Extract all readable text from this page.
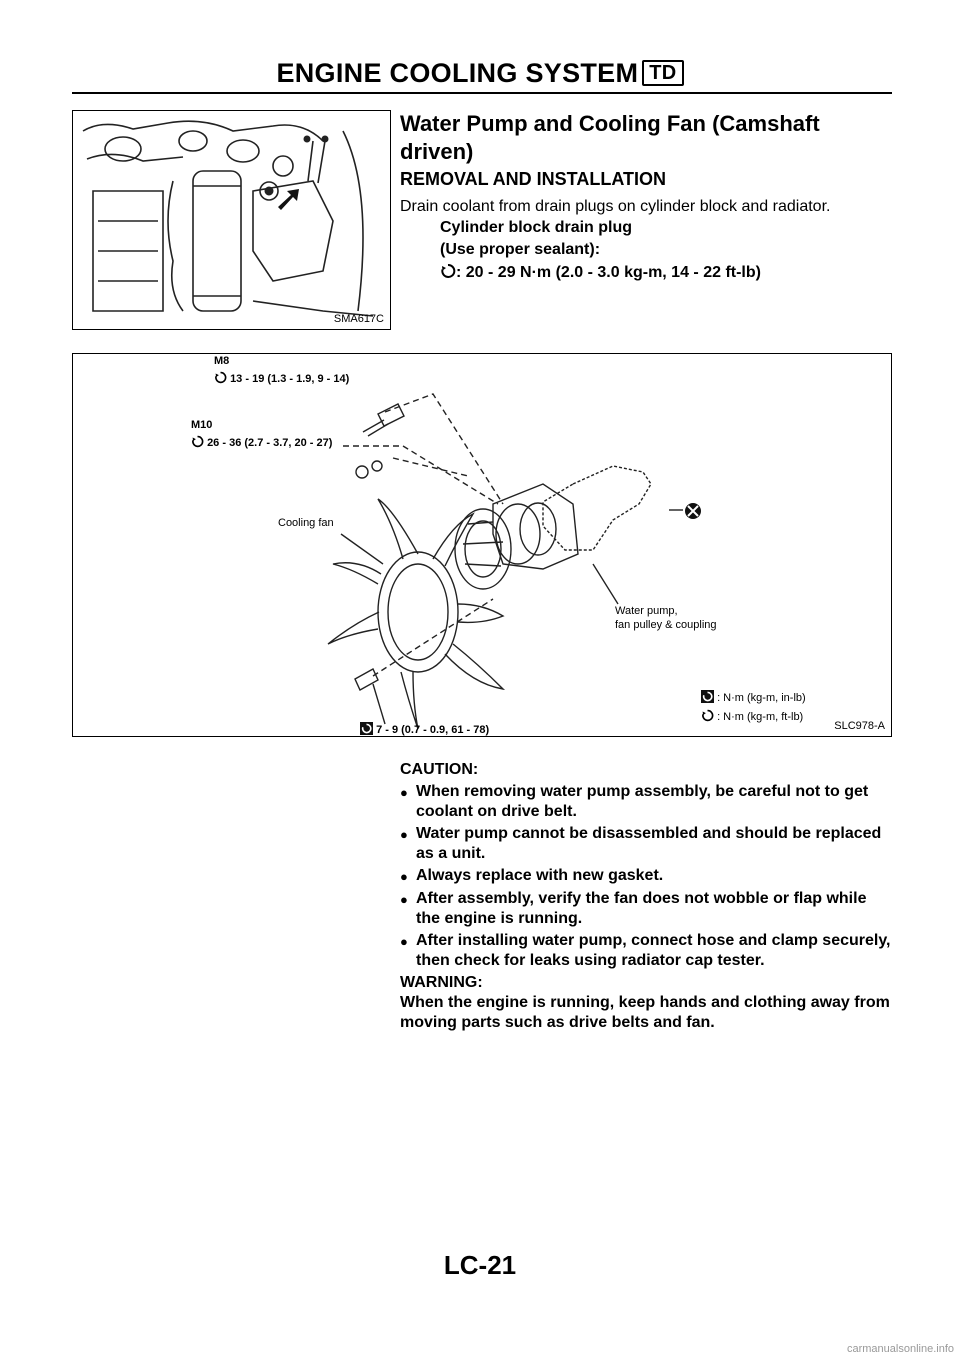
ENGINE COOLING SYSTEM TD
SMA617C
Water Pump and Cooling Fan (Camshaft driven)
REMOVAL AND INSTALLATION
Drain coolant from drain plugs on cylinder block and radiator.
Cylinder block drain plug
(Use proper sealant):
: 20 - 29 N·m (2.0 - 3.0 kg-m, 14 - 22 ft-lb)
M8
13 - 19 (1.3 - 1.9, 9 - 14)
M10
26 - 36 (2.7 - 3.7, 20 - 27)
Cooling fan
Water pump,
fan pulley & coupling
: N·m (kg-m, in-lb)
: N·m (kg-m, ft-lb)
7 - 9 (0.7 - 0.9, 61 - 78)	SLC978-A
CAUTION:
● When removing water pump assembly, be careful not to get coolant on drive belt.
● Water pump cannot be disassembled and should be replaced as a unit.
● Always replace with new gasket.
● After assembly, verify the fan does not wobble or flap while the engine is running.
● After installing water pump, connect hose and clamp securely, then check for leaks using radiator cap tester.
WARNING:
When the engine is running, keep hands and clothing away from moving parts such as drive belts and fan.
LC-21
carmanualsonline.info
